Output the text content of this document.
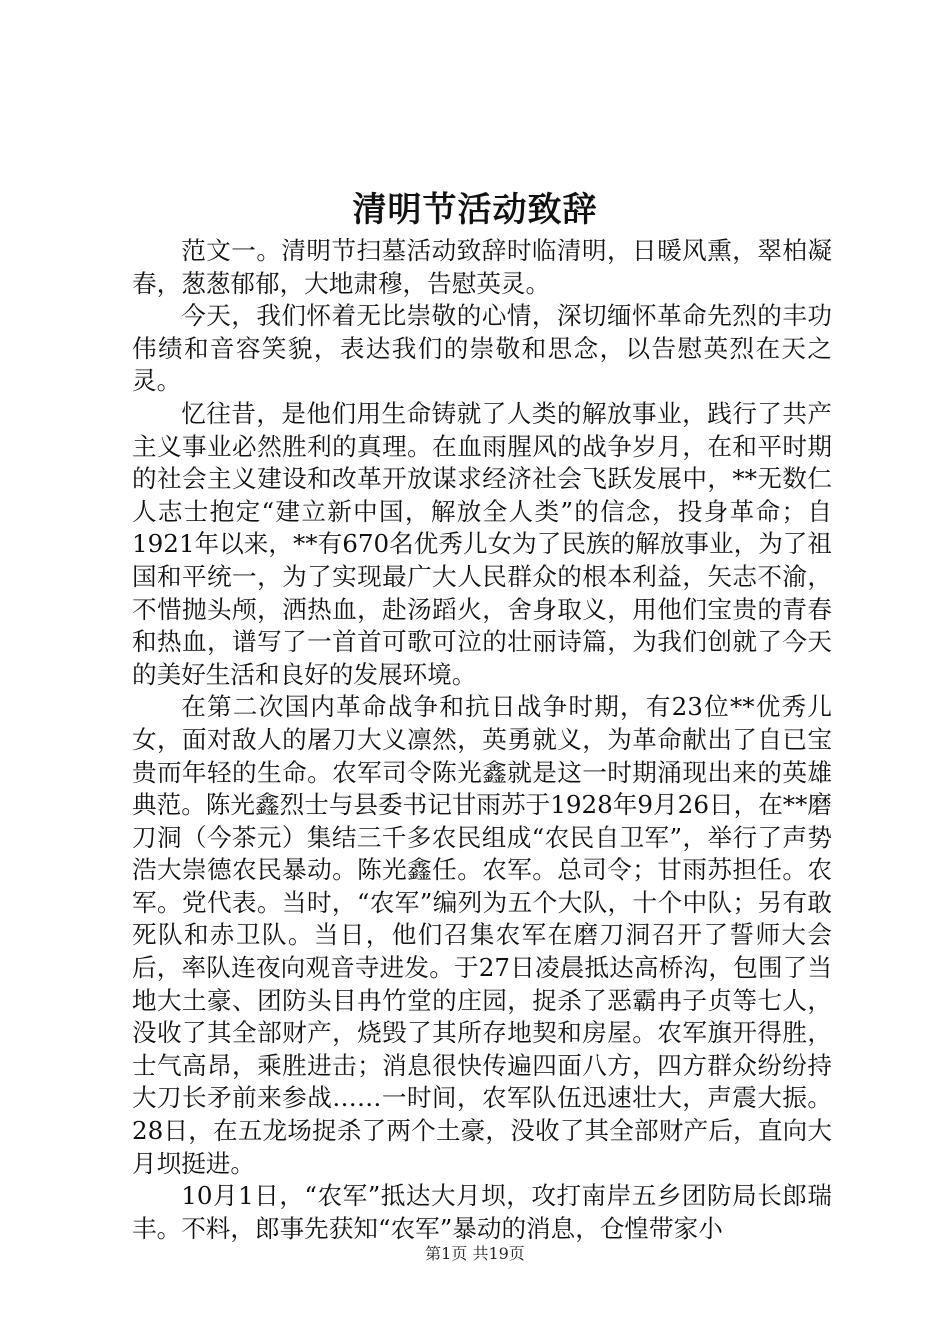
清明节活动致辞

范文一。清明节扫墓活动致辞时临清明，日暖风熏，翠柏凝春，葱葱郁郁，大地肃穆，告慰英灵。

今天，我们怀着无比崇敬的心情，深切缅怀革命先烈的丰功伟绩和音容笑貌，表达我们的崇敬和思念，以告慰英烈在天之灵。

忆往昔，是他们用生命铸就了人类的解放事业，践行了共产主义事业必然胜利的真理。在血雨腥风的战争岁月，在和平时期的社会主义建设和改革开放谋求经济社会飞跃发展中，**无数仁人志士抱定“建立新中国，解放全人类”的信念，投身革命；自1921年以来，**有670名优秀儿女为了民族的解放事业，为了祖国和平统一，为了实现最广大人民群众的根本利益，矢志不渝，不惜抛头颅，洒热血，赴汤蹈火，舍身取义，用他们宝贵的青春和热血，谱写了一首首可歌可泣的壮丽诗篇，为我们创就了今天的美好生活和良好的发展环境。

在第二次国内革命战争和抗日战争时期，有23位**优秀儿女，面对敌人的屠刀大义凛然，英勇就义，为革命献出了自已宝贵而年轻的生命。农军司令陈光鑫就是这一时期涌现出来的英雄典范。陈光鑫烈士与县委书记甘雨苏于1928年9月26日，在**磨刀洞（今茶元）集结三千多农民组成“农民自卫军”，举行了声势浩大崇德农民暴动。陈光鑫任。农军。总司令；甘雨苏担任。农军。党代表。当时，“农军”编列为五个大队，十个中队；另有敢死队和赤卫队。当日，他们召集农军在磨刀洞召开了誓师大会后，率队连夜向观音寺进发。于27日凌晨抵达高桥沟，包围了当地大土豪、团防头目冉竹堂的庄园，捉杀了恶霸冉子贞等七人，没收了其全部财产，烧毁了其所存地契和房屋。农军旗开得胜，士气高昂，乘胜进击；消息很快传遍四面八方，四方群众纷纷持大刀长矛前来参战……一时间，农军队伍迅速壮大，声震大振。28日，在五龙场捉杀了两个土豪，没收了其全部财产后，直向大月坝挺进。

10月1日，“农军”抵达大月坝，攻打南岸五乡团防局长郎瑞丰。不料，郎事先获知“农军”暴动的消息，仓惶带家小

第1页 共19页
